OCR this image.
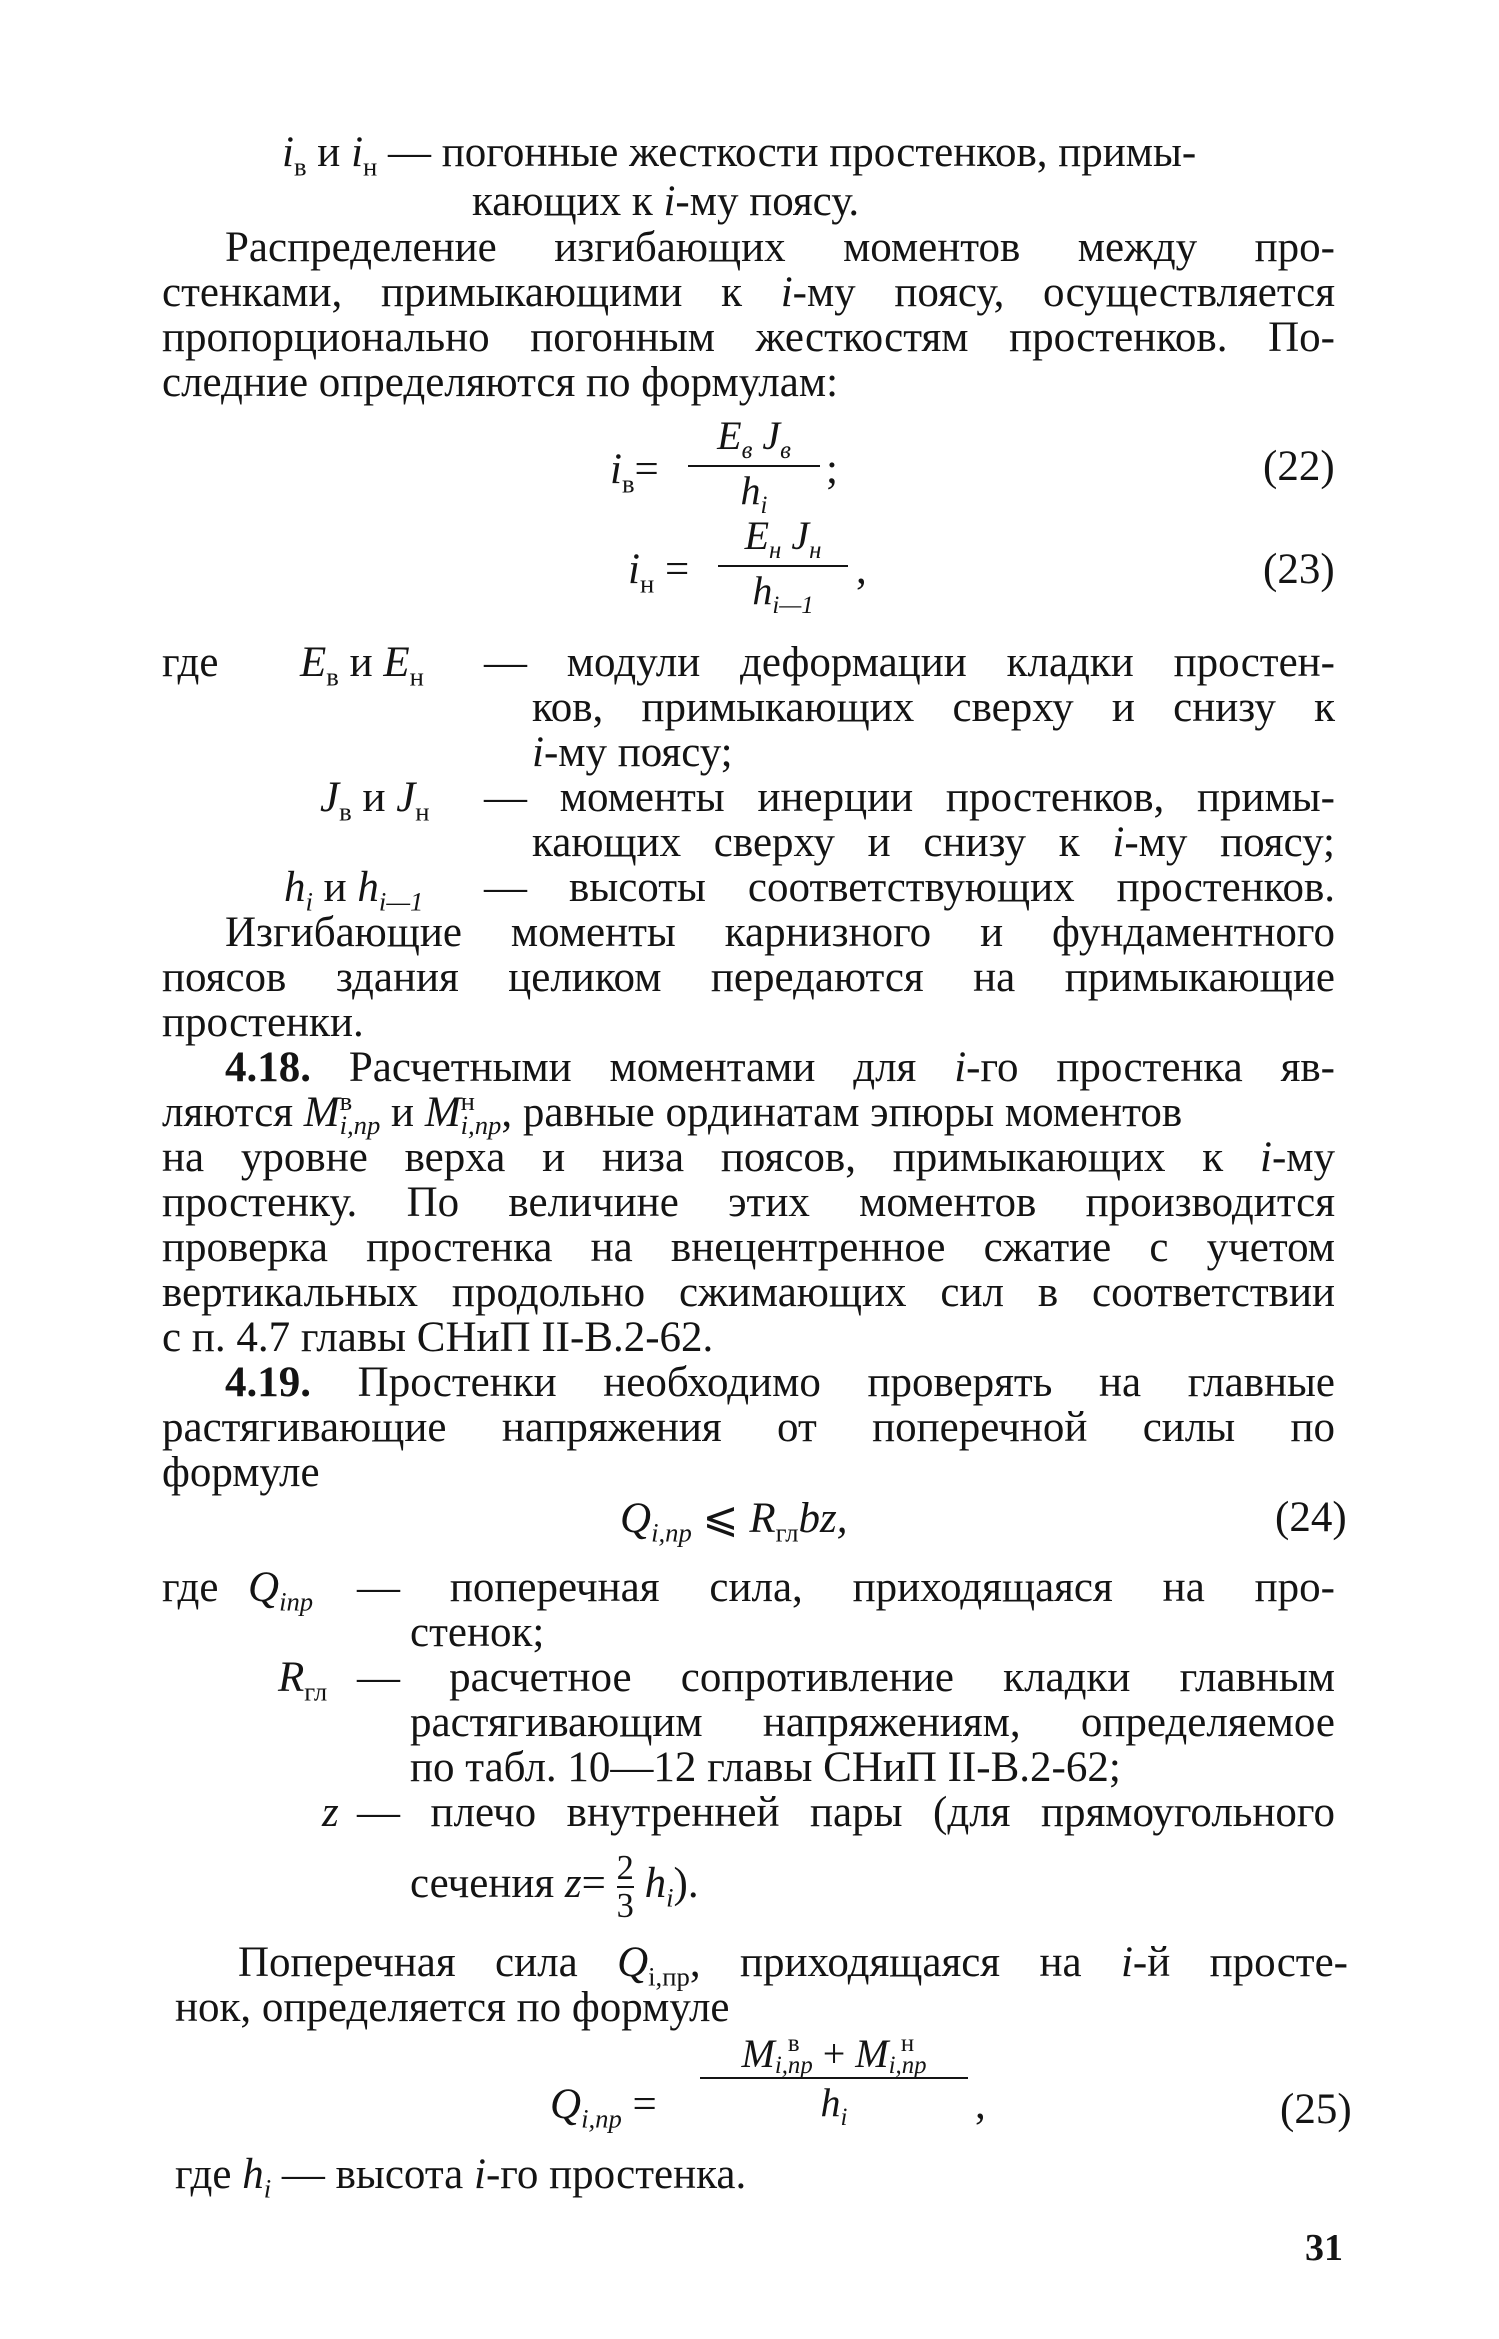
$i_в$ и $i_н$ — погонные жесткости простенков, примы-
кающих к i-му поясу.
Распределение изгибающих моментов между про-
стенками, примыкающими к i-му поясу, осуществляется
пропорционально погонным жесткостям простенков. По-
следние определяются по формулам:
$i_в=$
$E_в$ $J_в$
$h_i$
;	(22)
$i_н$ =
$E_н$ $J_н$
$h_{i—1}$
,	(23)
где $E_в$ и $E_н$ — модули деформации кладки простен-
ков, примыкающих сверху и снизу к
i-му поясу;
$J_в$ и $J_н$ — моменты инерции простенков, примы-
кающих сверху и снизу к i-му поясу;
$h_i$ и $h_{i—1}$ — высоты соответствующих простенков.
Изгибающие моменты карнизного и фундаментного
поясов здания целиком передаются на примыкающие
простенки.
4.18. Расчетными моментами для i-го простенка яв-
ляются M в
i,пр и M н
i,пр , равные ординатам эпюры моментов
на уровне верха и низа поясов, примыкающих к i-му
простенку. По величине этих моментов производится
проверка простенка на внецентренное сжатие с учетом
вертикальных продольно сжимающих сил в соответствии
с п. 4.7 главы СНиП II-В.2-62.
4.19. Простенки необходимо проверять на главные
растягивающие напряжения от поперечной силы по
формуле
$Q_{i,пр}$ ⩽ $R_{гл}bz$,	(24)
где $Q_{iпр}$ — поперечная сила, приходящаяся на про-
стенок;
$R_{гл}$ — расчетное сопротивление кладки главным
растягивающим напряжениям, определяемое
по табл. 10—12 главы СНиП II-В.2-62;
z — плечо внутренней пары (для прямоугольного
сечения $z= \frac{2}{3} h_i$).
Поперечная сила $Q_{i,пр}$, приходящаяся на i-й просте-
нок, определяется по формуле
$Q_{i,пр}$ =
M в
i,пр + M н
i,пр
$h_i$	,	(25)
где $h_i$ — высота i-го простенка.
31
